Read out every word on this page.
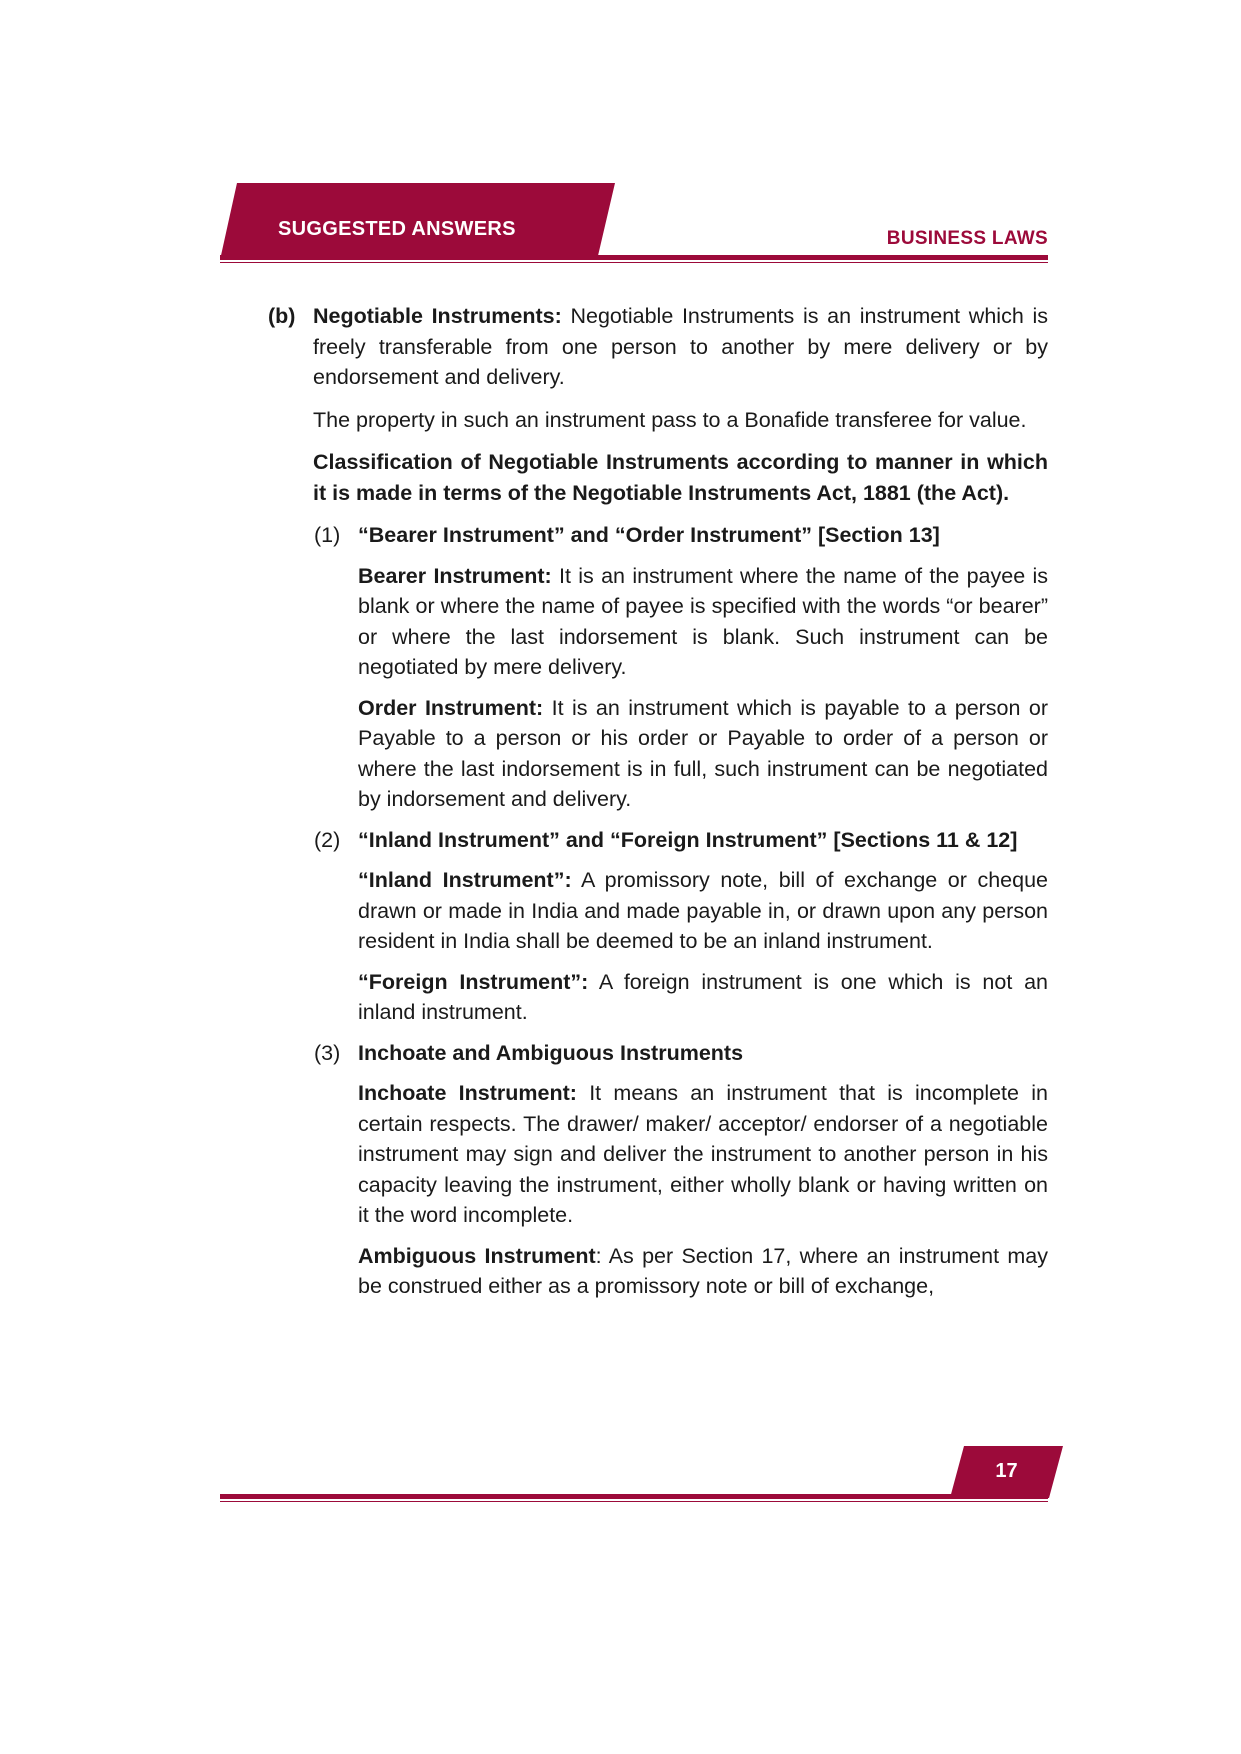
SUGGESTED ANSWERS	BUSINESS LAWS

(b) Negotiable Instruments: Negotiable Instruments is an instrument which is freely transferable from one person to another by mere delivery or by endorsement and delivery.

The property in such an instrument pass to a Bonafide transferee for value.

Classification of Negotiable Instruments according to manner in which it is made in terms of the Negotiable Instruments Act, 1881 (the Act).

(1) “Bearer Instrument” and “Order Instrument” [Section 13]

Bearer Instrument: It is an instrument where the name of the payee is blank or where the name of payee is specified with the words “or bearer” or where the last indorsement is blank. Such instrument can be negotiated by mere delivery.

Order Instrument: It is an instrument which is payable to a person or Payable to a person or his order or Payable to order of a person or where the last indorsement is in full, such instrument can be negotiated by indorsement and delivery.

(2) “Inland Instrument” and “Foreign Instrument” [Sections 11 & 12]

“Inland Instrument”: A promissory note, bill of exchange or cheque drawn or made in India and made payable in, or drawn upon any person resident in India shall be deemed to be an inland instrument.

“Foreign Instrument”: A foreign instrument is one which is not an inland instrument.

(3) Inchoate and Ambiguous Instruments

Inchoate Instrument: It means an instrument that is incomplete in certain respects. The drawer/ maker/ acceptor/ endorser of a negotiable instrument may sign and deliver the instrument to another person in his capacity leaving the instrument, either wholly blank or having written on it the word incomplete.

Ambiguous Instrument: As per Section 17, where an instrument may be construed either as a promissory note or bill of exchange,

17
